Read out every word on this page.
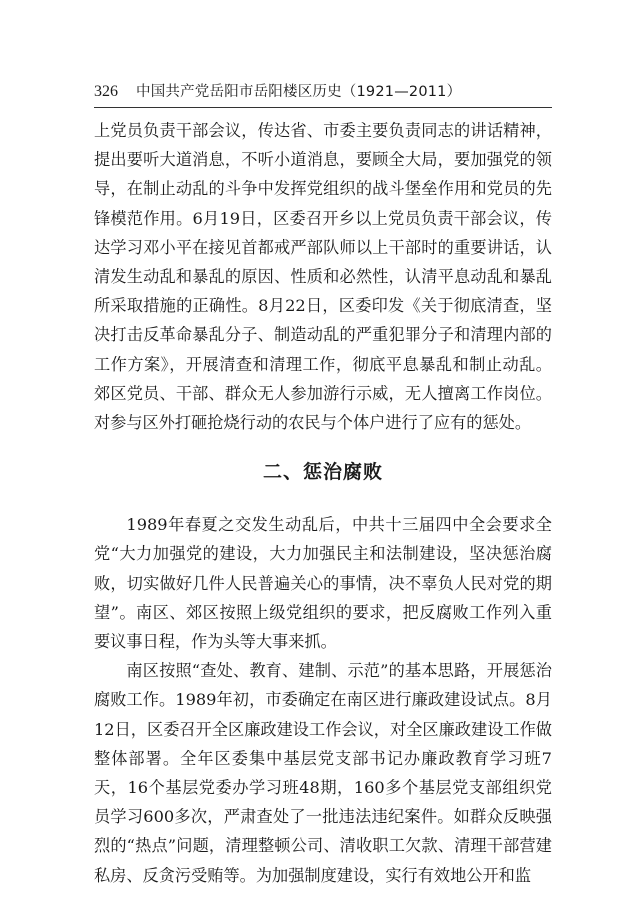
326 中国共产党岳阳市岳阳楼区历史（1921—2011）

上党员负责干部会议，传达省、市委主要负责同志的讲话精神，提出要听大道消息，不听小道消息，要顾全大局，要加强党的领导，在制止动乱的斗争中发挥党组织的战斗堡垒作用和党员的先锋模范作用。6月19日，区委召开乡以上党员负责干部会议，传达学习邓小平在接见首都戒严部队师以上干部时的重要讲话，认清发生动乱和暴乱的原因、性质和必然性，认清平息动乱和暴乱所采取措施的正确性。8月22日，区委印发《关于彻底清查，坚决打击反革命暴乱分子、制造动乱的严重犯罪分子和清理内部的工作方案》，开展清查和清理工作，彻底平息暴乱和制止动乱。郊区党员、干部、群众无人参加游行示威，无人擅离工作岗位。对参与区外打砸抢烧行动的农民与个体户进行了应有的惩处。

二、惩治腐败

1989年春夏之交发生动乱后，中共十三届四中全会要求全党“大力加强党的建设，大力加强民主和法制建设，坚决惩治腐败，切实做好几件人民普遍关心的事情，决不辜负人民对党的期望”。南区、郊区按照上级党组织的要求，把反腐败工作列入重要议事日程，作为头等大事来抓。

南区按照“查处、教育、建制、示范”的基本思路，开展惩治腐败工作。1989年初，市委确定在南区进行廉政建设试点。8月12日，区委召开全区廉政建设工作会议，对全区廉政建设工作做整体部署。全年区委集中基层党支部书记办廉政教育学习班7天，16个基层党委办学习班48期，160多个基层党支部组织党员学习600多次，严肃查处了一批违法违纪案件。如群众反映强烈的“热点”问题，清理整顿公司、清收职工欠款、清理干部营建私房、反贪污受贿等。为加强制度建设，实行有效地公开和监
